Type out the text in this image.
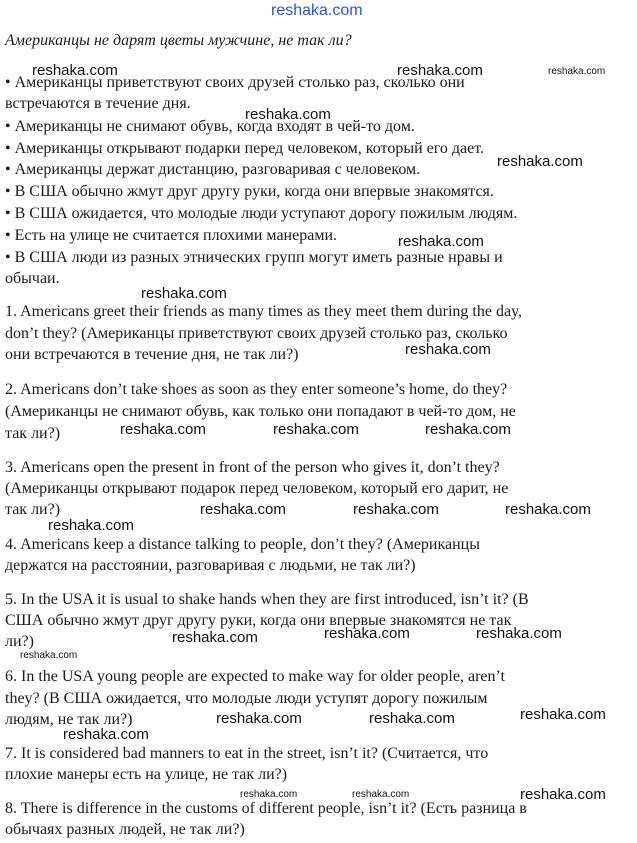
reshaka.com
Американцы не дарят цветы мужчине, не так ли?
• Американцы приветствуют своих друзей столько раз, сколько они
встречаются в течение дня.
• Американцы не снимают обувь, когда входят в чей-то дом.
• Американцы открывают подарки перед человеком, который его дает.
• Американцы держат дистанцию, разговаривая с человеком.
• В США обычно жмут друг другу руки, когда они впервые знакомятся.
• В США ожидается, что молодые люди уступают дорогу пожилым людям.
• Есть на улице не считается плохими манерами.
• В США люди из разных этнических групп могут иметь разные нравы и
обычаи.
1. Americans greet their friends as many times as they meet them during the day,
don’t they? (Американцы приветствуют своих друзей столько раз, сколько
они встречаются в течение дня, не так ли?)
2. Americans don’t take shoes as soon as they enter someone’s home, do they?
(Американцы не снимают обувь, как только они попадают в чей-то дом, не
так ли?)
3. Americans open the present in front of the person who gives it, don’t they?
(Американцы открывают подарок перед человеком, который его дарит, не
так ли?)
4. Americans keep a distance talking to people, don’t they? (Американцы
держатся на расстоянии, разговаривая с людьми, не так ли?)
5. In the USA it is usual to shake hands when they are first introduced, isn’t it? (В
США обычно жмут друг другу руки, когда они впервые знакомятся не так
ли?)
6. In the USA young people are expected to make way for older people, aren’t
they? (В США ожидается, что молодые люди уступят дорогу пожилым
людям, не так ли?)
7. It is considered bad manners to eat in the street, isn’t it? (Считается, что
плохие манеры есть на улице, не так ли?)
8. There is difference in the customs of different people, isn’t it? (Есть разница в
обычаях разных людей, не так ли?)
reshaka.com	reshaka.com	reshaka.com
reshaka.com
reshaka.com
reshaka.com
reshaka.com
reshaka.com
reshaka.com	reshaka.com	reshaka.com
reshaka.com	reshaka.com	reshaka.com
reshaka.com
reshaka.com	reshaka.com
reshaka.com
reshaka.com
reshaka.com
reshaka.com	reshaka.com
reshaka.com
reshaka.com
reshaka.com	reshaka.com
